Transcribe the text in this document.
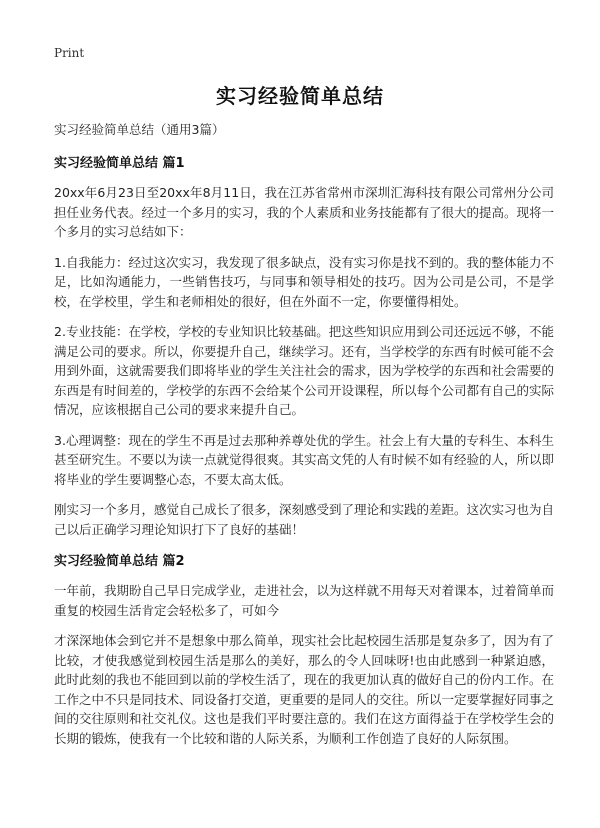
Print
实习经验简单总结
实习经验简单总结（通用3篇）
实习经验简单总结 篇1

20xx年6月23日至20xx年8月11日，我在江苏省常州市深圳汇海科技有限公司常州分公司担任业务代表。经过一个多月的实习，我的个人素质和业务技能都有了很大的提高。现将一个多月的实习总结如下：

1.自我能力：经过这次实习，我发现了很多缺点，没有实习你是找不到的。我的整体能力不足，比如沟通能力，一些销售技巧，与同事和领导相处的技巧。因为公司是公司，不是学校，在学校里，学生和老师相处的很好，但在外面不一定，你要懂得相处。

2.专业技能：在学校，学校的专业知识比较基础。把这些知识应用到公司还远远不够，不能满足公司的要求。所以，你要提升自己，继续学习。还有，当学校学的东西有时候可能不会用到外面，这就需要我们即将毕业的学生关注社会的需求，因为学校学的东西和社会需要的东西是有时间差的，学校学的东西不会给某个公司开设课程，所以每个公司都有自己的实际情况，应该根据自己公司的要求来提升自己。

3.心理调整：现在的学生不再是过去那种养尊处优的学生。社会上有大量的专科生、本科生甚至研究生。不要以为读一点就觉得很爽。其实高文凭的人有时候不如有经验的人，所以即将毕业的学生要调整心态，不要太高太低。

刚实习一个多月，感觉自己成长了很多，深刻感受到了理论和实践的差距。这次实习也为自己以后正确学习理论知识打下了良好的基础！

实习经验简单总结 篇2

一年前，我期盼自己早日完成学业，走进社会，以为这样就不用每天对着课本，过着简单而重复的校园生活肯定会轻松多了，可如今

才深深地体会到它并不是想象中那么简单，现实社会比起校园生活那是复杂多了，因为有了比较，才使我感觉到校园生活是那么的美好，那么的令人回味呀!也由此感到一种紧迫感，此时此刻的我也不能回到以前的学校生活了，现在的我更加认真的做好自己的份内工作。在工作之中不只是同技术、同设备打交道，更重要的是同人的交往。所以一定要掌握好同事之间的交往原则和社交礼仪。这也是我们平时要注意的。我们在这方面得益于在学校学生会的长期的锻炼，使我有一个比较和谐的人际关系，为顺利工作创造了良好的人际氛围。
